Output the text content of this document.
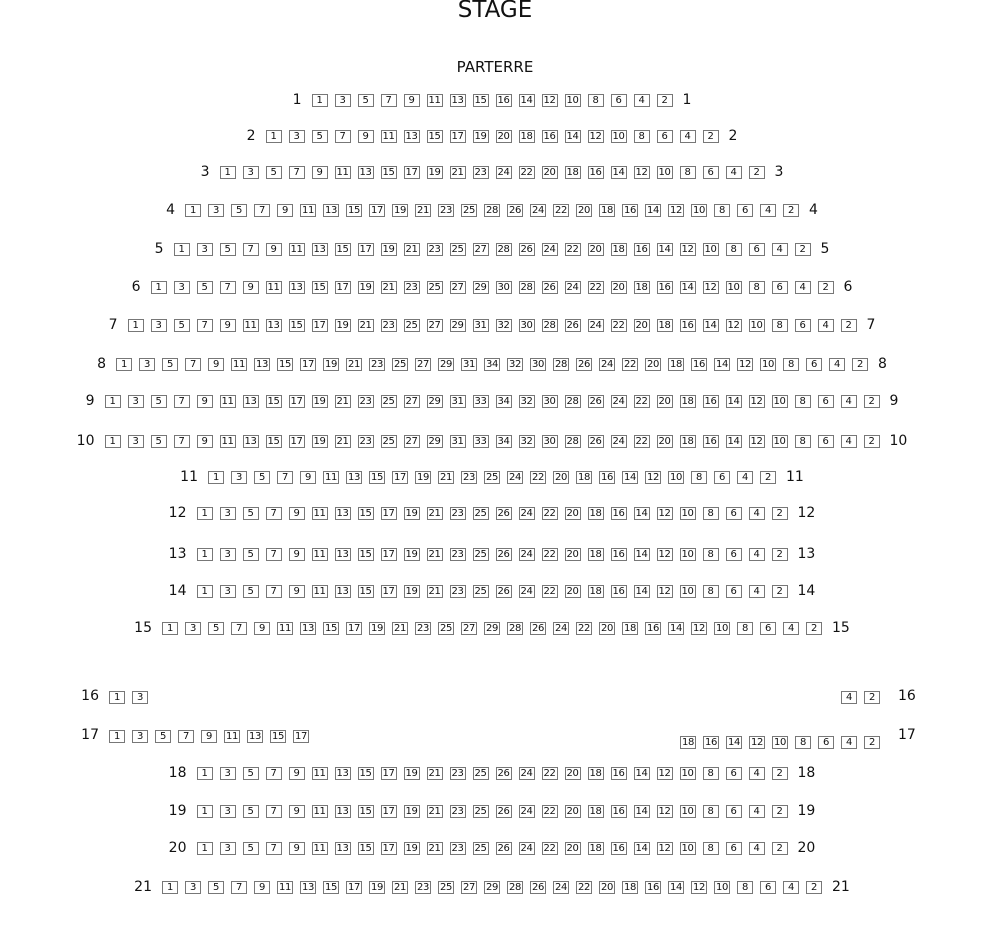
STAGE
PARTERRE
1	3	5	7	9	11 13 15 16 14 12 10	8	6	4	2
1	1
1	3	5	7	9	11 13 15 17 19 20 18 16 14 12 10	8	6	4	2
2	2
1	3	5	7	9	11 13 15 17 19 21 23 24 22 20 18 16 14 12 10	8	6	4	2
3	3
1	3	5	7	9	11 13 15 17 19 21 23 25 28 26 24 22 20 18 16 14 12 10	8	6	4	2
4	4
1	3	5	7	9	11 13 15 17 19 21 23 25 27 28 26 24 22 20 18 16 14 12 10	8	6	4	2
5	5
1	3	5	7	9	11 13 15 17 19 21 23 25 27 29 30 28 26 24 22 20 18 16 14 12 10	8	6	4	2
6	6
1	3	5	7	9	11 13 15 17 19 21 23 25 27 29 31 32 30 28 26 24 22 20 18 16 14 12 10	8	6	4	2
7	7
1	3	5	7	9	11 13 15 17 19 21 23 25 27 29 31 34 32 30 28 26 24 22 20 18 16 14 12 10	8	6	4	2
8	8
1	3	5	7	9	11 13 15 17 19 21 23 25 27 29 31 33 34 32 30 28 26 24 22 20 18 16 14 12 10	8	6	4	2
9	9
1	3	5	7	9	11 13 15 17 19 21 23 25 27 29 31 33 34 32 30 28 26 24 22 20 18 16 14 12 10	8	6	4	2
10	10
1	3	5	7	9	11 13 15 17 19 21 23 25 24 22 20 18 16 14 12 10	8	6	4	2
11	11
1	3	5	7	9	11 13 15 17 19 21 23 25 26 24 22 20 18 16 14 12 10	8	6	4	2
12	12
1	3	5	7	9	11 13 15 17 19 21 23 25 26 24 22 20 18 16 14 12 10	8	6	4	2
13	13
1	3	5	7	9	11 13 15 17 19 21 23 25 26 24 22 20 18 16 14 12 10	8	6	4	2
14	14
1	3	5	7	9	11 13 15 17 19 21 23 25 27 29 28 26 24 22 20 18 16 14 12 10	8	6	4	2
15	15
1	3
16	4	2	16
1	3	5	7	9	11 13 15 17
17	18 16 14 12 10	8	6	4	2	17
1	3	5	7	9	11 13 15 17 19 21 23 25 26 24 22 20 18 16 14 12 10	8	6	4	2
18	18
1	3	5	7	9	11 13 15 17 19 21 23 25 26 24 22 20 18 16 14 12 10	8	6	4	2
19	19
1	3	5	7	9	11 13 15 17 19 21 23 25 26 24 22 20 18 16 14 12 10	8	6	4	2
20	20
1	3	5	7	9	11 13 15 17 19 21 23 25 27 29 28 26 24 22 20 18 16 14 12 10	8	6	4	2
21	21
